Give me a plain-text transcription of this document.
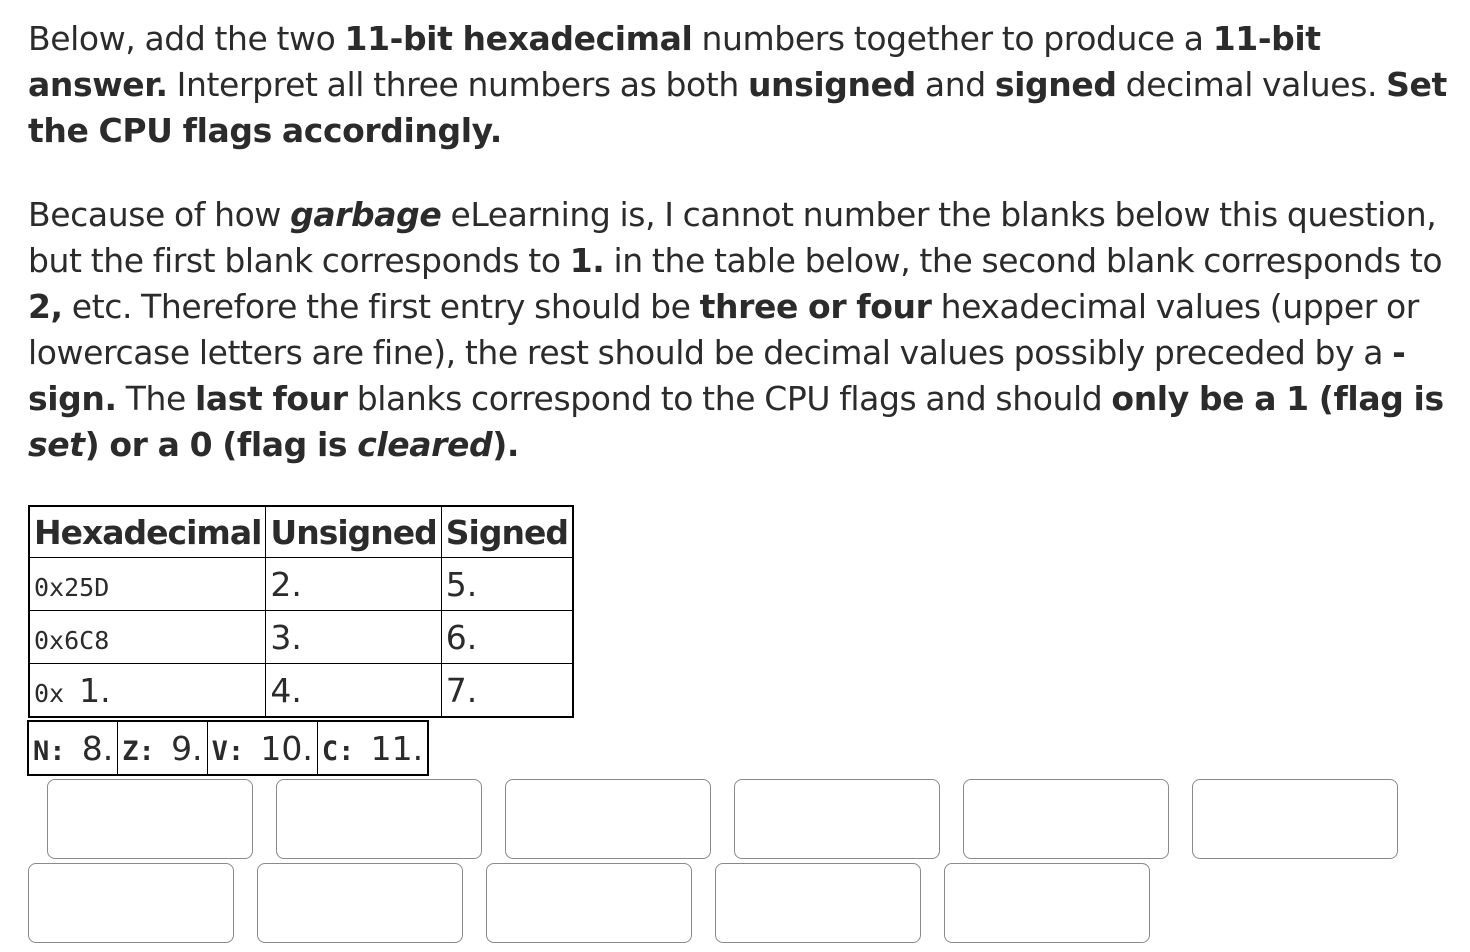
Below, add the two 11-bit hexadecimal numbers together to produce a 11-bit answer. Interpret all three numbers as both unsigned and signed decimal values. Set the CPU flags accordingly.

Because of how garbage eLearning is, I cannot number the blanks below this question, but the first blank corresponds to 1. in the table below, the second blank corresponds to 2, etc. Therefore the first entry should be three or four hexadecimal values (upper or lowercase letters are fine), the rest should be decimal values possibly preceded by a - sign. The last four blanks correspond to the CPU flags and should only be a 1 (flag is set) or a 0 (flag is cleared).

Hexadecimal	Unsigned	Signed
0x25D	2.	5.
0x6C8	3.	6.
0x 1.	4.	7.
N: 8.	Z: 9.	V: 10.	C: 11.
